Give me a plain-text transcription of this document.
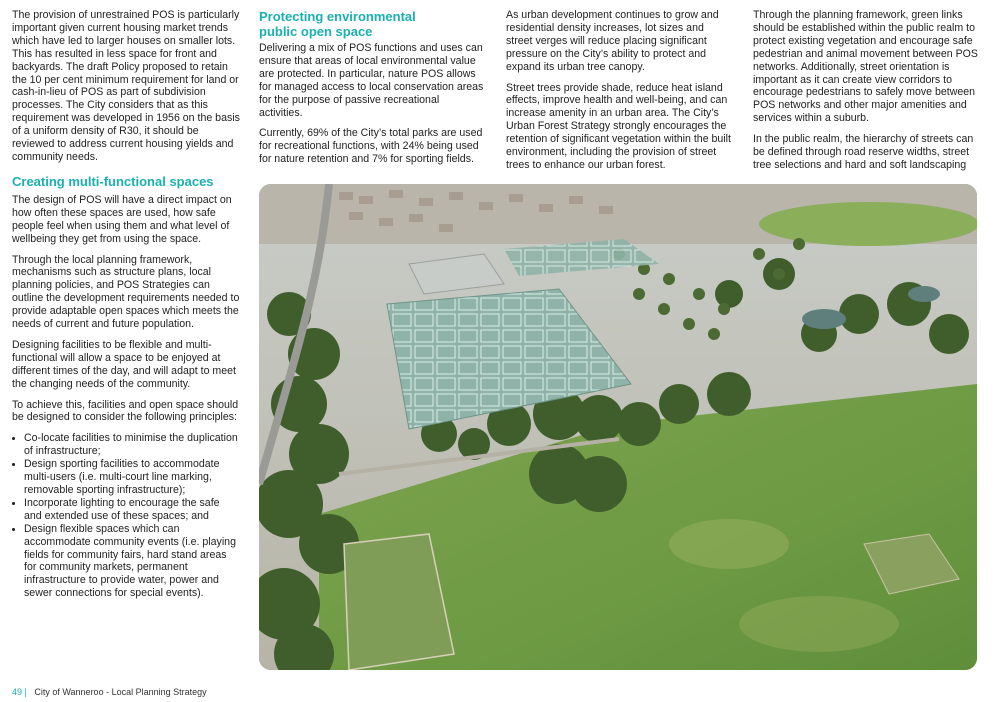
The provision of unrestrained POS is particularly important given current housing market trends which have led to larger houses on smaller lots. This has resulted in less space for front and backyards. The draft Policy proposed to retain the 10 per cent minimum requirement for land or cash-in-lieu of POS as part of subdivision processes. The City considers that as this requirement was developed in 1956 on the basis of a uniform density of R30, it should be reviewed to address current housing yields and community needs.

Creating multi-functional spaces

The design of POS will have a direct impact on how often these spaces are used, how safe people feel when using them and what level of wellbeing they get from using the space.

Through the local planning framework, mechanisms such as structure plans, local planning policies, and POS Strategies can outline the development requirements needed to provide adaptable open spaces which meets the needs of current and future population.

Designing facilities to be flexible and multi-functional will allow a space to be enjoyed at different times of the day, and will adapt to meet the changing needs of the community.

To achieve this, facilities and open space should be designed to consider the following principles:

• Co-locate facilities to minimise the duplication of infrastructure;
• Design sporting facilities to accommodate multi-users (i.e. multi-court line marking, removable sporting infrastructure);
• Incorporate lighting to encourage the safe and extended use of these spaces; and
• Design flexible spaces which can accommodate community events (i.e. playing fields for community fairs, hard stand areas for community markets, permanent infrastructure to provide water, power and sewer connections for special events).
Protecting environmental public open space

Delivering a mix of POS functions and uses can ensure that areas of local environmental value are protected. In particular, nature POS allows for managed access to local conservation areas for the purpose of passive recreational activities.

Currently, 69% of the City’s total parks are used for recreational functions, with 24% being used for nature retention and 7% for sporting fields.

As urban development continues to grow and residential density increases, lot sizes and street verges will reduce placing significant pressure on the City’s ability to protect and expand its urban tree canopy.

Street trees provide shade, reduce heat island effects, improve health and well-being, and can increase amenity in an urban area. The City’s Urban Forest Strategy strongly encourages the retention of significant vegetation within the built environment, including the provision of street trees to enhance our urban forest.

Through the planning framework, green links should be established within the public realm to protect existing vegetation and encourage safe pedestrian and animal movement between POS networks. Additionally, street orientation is important as it can create view corridors to encourage pedestrians to safely move between POS networks and other major amenities and services within a suburb.

In the public realm, the hierarchy of streets can be defined through road reserve widths, street tree selections and hard and soft landscaping

49 | City of Wanneroo - Local Planning Strategy
